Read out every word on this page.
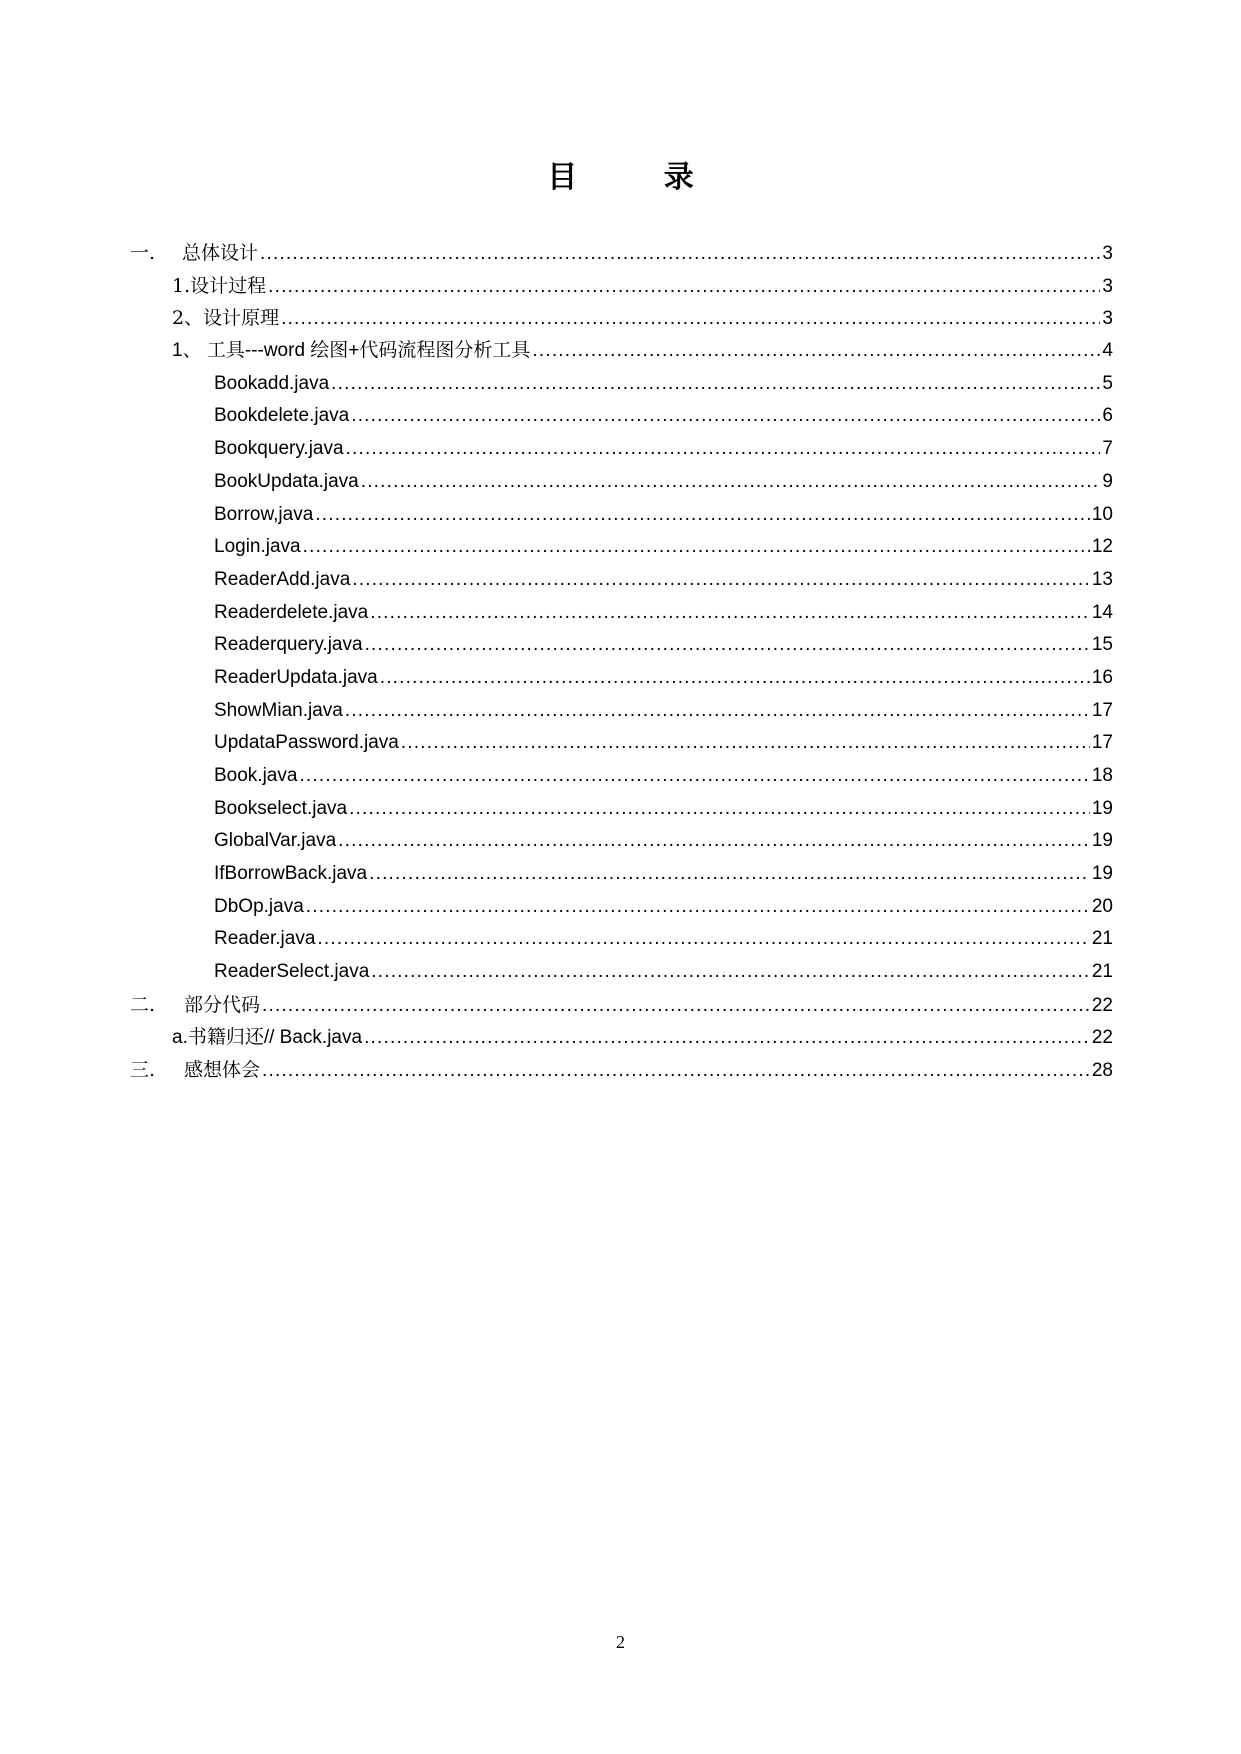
目 录
一.	总体设计 .....	3
1.设计过程 .....	3
2、设计原理 .....	3
1、 工具---word 绘图+代码流程图分析工具 .....	4
Bookadd.java .....	5
Bookdelete.java .....	6
Bookquery.java .....	7
BookUpdata.java .....	9
Borrow,java .....	10
Login.java .....	12
ReaderAdd.java .....	13
Readerdelete.java .....	14
Readerquery.java .....	15
ReaderUpdata.java .....	16
ShowMian.java .....	17
UpdataPassword.java .....	17
Book.java .....	18
Bookselect.java .....	19
GlobalVar.java .....	19
IfBorrowBack.java .....	19
DbOp.java .....	20
Reader.java .....	21
ReaderSelect.java .....	21
二.	部分代码 .....	22
a.书籍归还// Back.java .....	22
三.	感想体会 .....	28
2
